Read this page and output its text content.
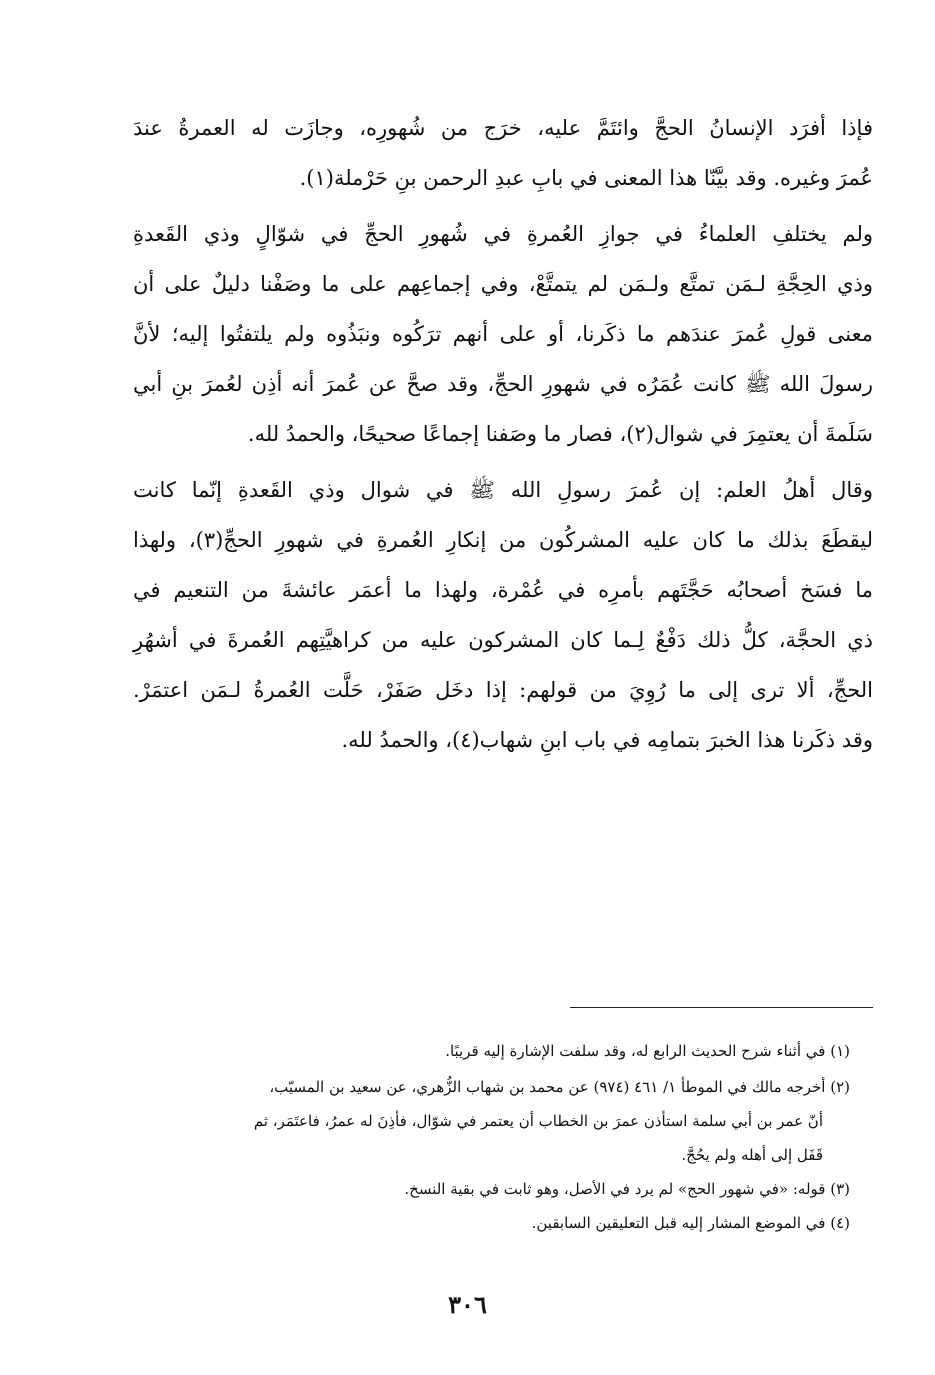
فإذا أفرَد الإنسانُ الحجَّ وائتَمَّ عليه، خرَج من شُهورِه، وجازَت له العمرةُ عندَ
عُمرَ وغيره. وقد بيَّنّا هذا المعنى في بابِ عبدِ الرحمن بنِ حَرْملة(١).
ولم يختلفِ العلماءُ في جوازِ العُمرةِ في شُهورِ الحجِّ في شوّالٍ وذي القَعدةِ
وذي الحِجَّةِ لـمَن تمتَّع ولـمَن لم يتمتَّعْ، وفي إجماعِهم على ما وصَفْنا دليلٌ على أن
معنى قولِ عُمرَ عندَهم ما ذكَرنا، أو على أنهم ترَكُوه ونبَذُوه ولم يلتفتُوا إليه؛ لأنَّ
رسولَ الله ﷺ كانت عُمَرُه في شهورِ الحجِّ، وقد صحَّ عن عُمرَ أنه أذِن لعُمرَ بنِ أبي
سَلَمةَ أن يعتمِرَ في شوال(٢)، فصار ما وصَفنا إجماعًا صحيحًا، والحمدُ لله.
وقال أهلُ العلم: إن عُمرَ رسولِ الله ﷺ في شوال وذي القَعدةِ إنّما كانت
ليقطَعَ بذلك ما كان عليه المشركُون من إنكارِ العُمرةِ في شهورِ الحجِّ(٣)، ولهذا
ما فسَخ أصحابُه حَجَّتَهم بأمرِه في عُمْرة، ولهذا ما أعمَر عائشةَ من التنعيم في
ذي الحجَّة، كلُّ ذلك دَفْعٌ لِـما كان المشركون عليه من كراهيَّتِهم العُمرةَ في أشهُرِ
الحجِّ، ألا ترى إلى ما رُوِيَ من قولهم: إذا دخَل صَفَرْ، حَلَّت العُمرةُ لـمَن اعتمَرْ.
وقد ذكَرنا هذا الخبرَ بتمامِه في باب ابنِ شهاب(٤)، والحمدُ لله.
(١) في أثناء شرح الحديث الرابع له، وقد سلفت الإشارة إليه قريبًا.
(٢) أخرجه مالك في الموطأ ١/ ٤٦١ (٩٧٤) عن محمد بن شهاب الزُّهري، عن سعيد بن المسيّب،
أنّ عمر بن أبي سلمة استأذن عمرَ بن الخطاب أن يعتمر في شوّال، فأذِنَ له عمرُ، فاعتَمَر، ثم
قَفَل إلى أهله ولم يحُجَّ.
(٣) قوله: «في شهور الحج» لم يرد في الأصل، وهو ثابت في بقية النسخ.
(٤) في الموضع المشار إليه قبل التعليقين السابقين.
٣٠٦
